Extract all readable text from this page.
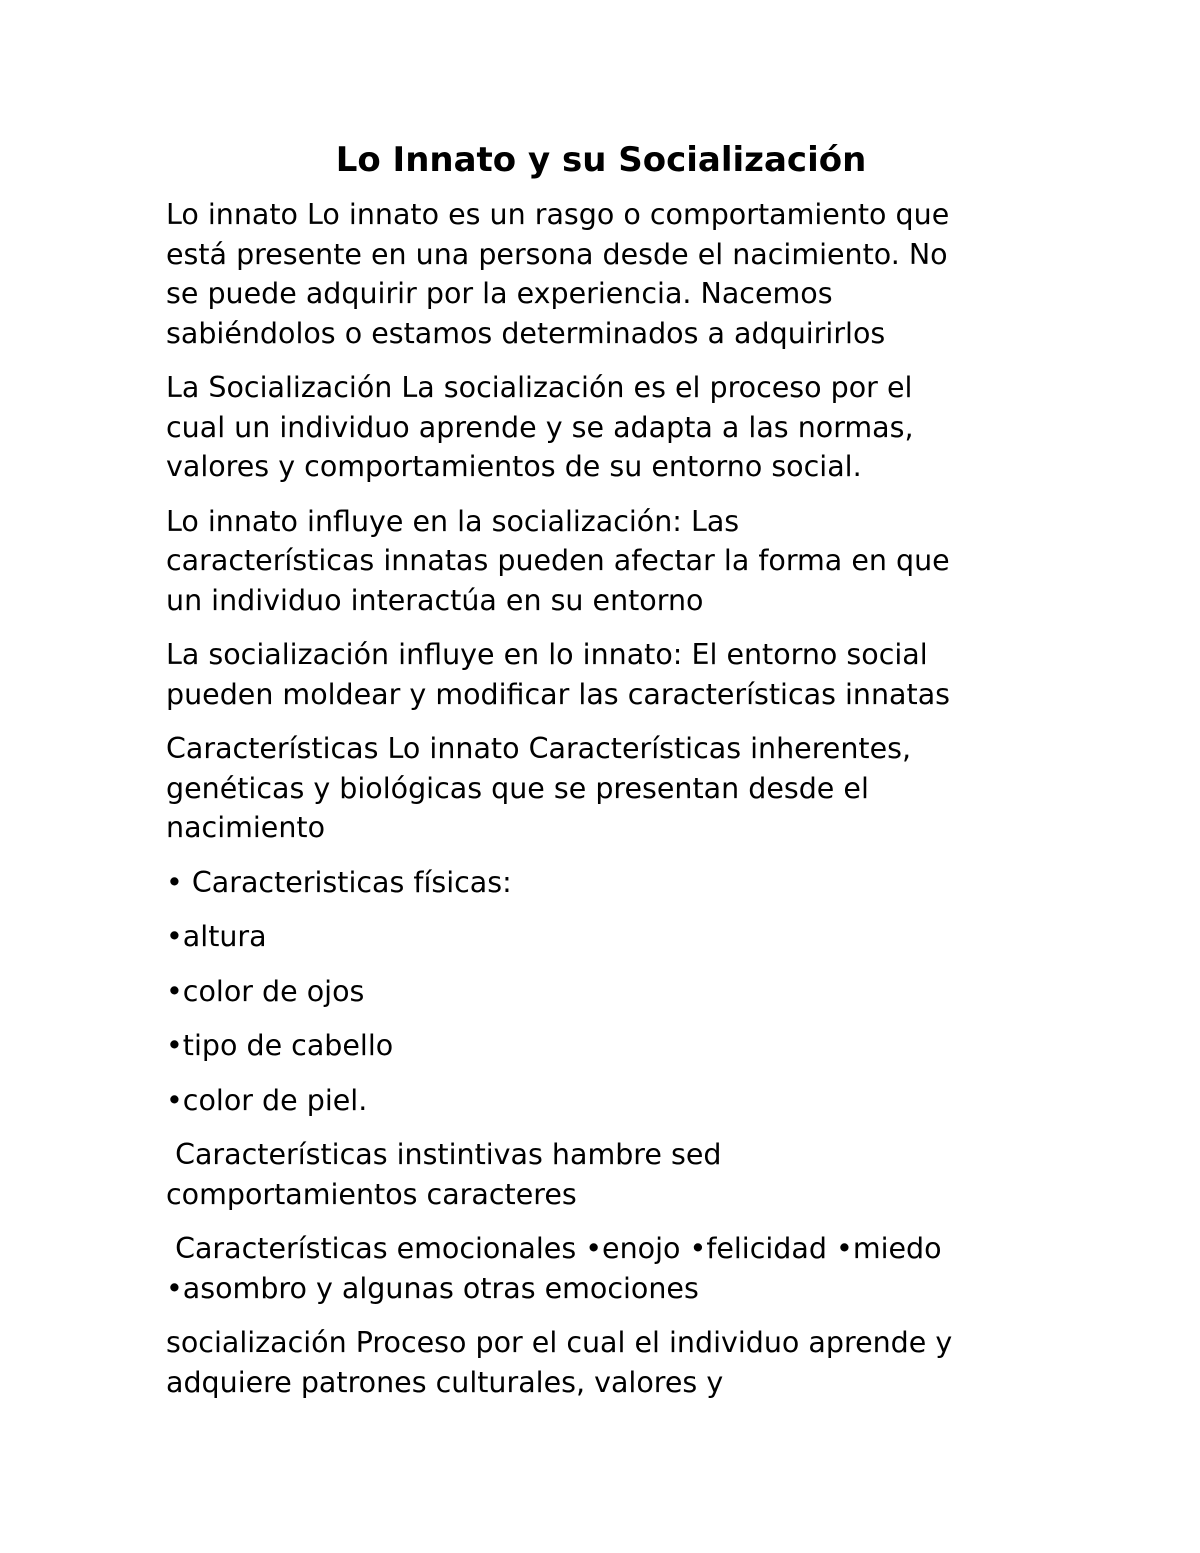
Lo Innato y su Socialización

Lo innato Lo innato es un rasgo o comportamiento que
está presente en una persona desde el nacimiento. No
se puede adquirir por la experiencia. Nacemos
sabiéndolos o estamos determinados a adquirirlos

La Socialización La socialización es el proceso por el
cual un individuo aprende y se adapta a las normas,
valores y comportamientos de su entorno social.

Lo innato influye en la socialización: Las
características innatas pueden afectar la forma en que
un individuo interactúa en su entorno

La socialización influye en lo innato: El entorno social
pueden moldear y modificar las características innatas

Características Lo innato Características inherentes,
genéticas y biológicas que se presentan desde el
nacimiento

• Caracteristicas físicas:

•altura

•color de ojos

•tipo de cabello

•color de piel.

Características instintivas hambre sed
comportamientos caracteres

Características emocionales •enojo •felicidad •miedo
•asombro y algunas otras emociones

socialización Proceso por el cual el individuo aprende y
adquiere patrones culturales, valores y
